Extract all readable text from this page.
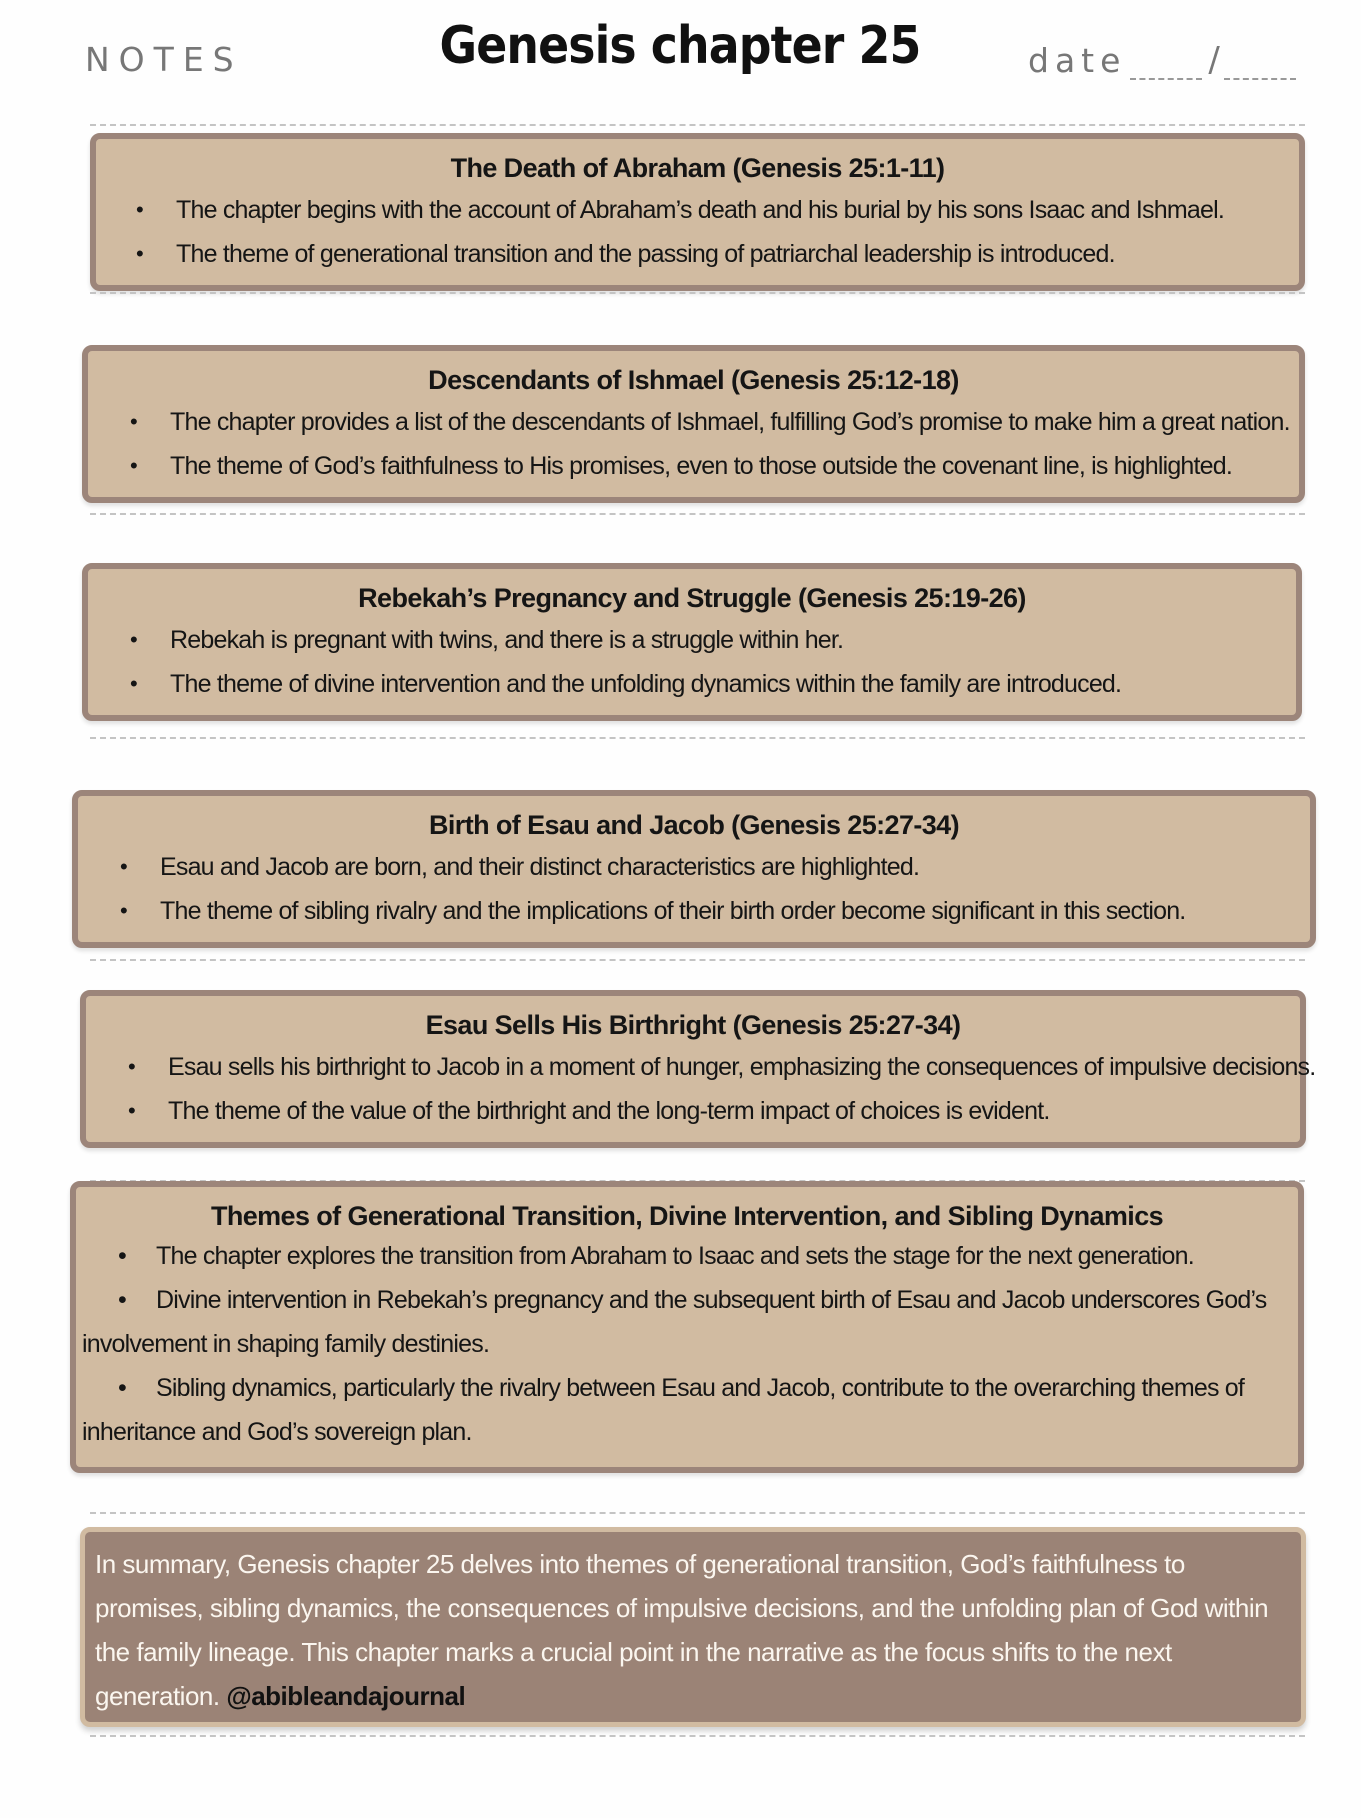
NOTES	Genesis chapter 25	date /
The Death of Abraham (Genesis 25:1-11)
• The chapter begins with the account of Abraham’s death and his burial by his sons Isaac and Ishmael.
• The theme of generational transition and the passing of patriarchal leadership is introduced.
Descendants of Ishmael (Genesis 25:12-18)
• The chapter provides a list of the descendants of Ishmael, fulfilling God’s promise to make him a great nation.
• The theme of God’s faithfulness to His promises, even to those outside the covenant line, is highlighted.
Rebekah’s Pregnancy and Struggle (Genesis 25:19-26)
• Rebekah is pregnant with twins, and there is a struggle within her.
• The theme of divine intervention and the unfolding dynamics within the family are introduced.
Birth of Esau and Jacob (Genesis 25:27-34)
• Esau and Jacob are born, and their distinct characteristics are highlighted.
• The theme of sibling rivalry and the implications of their birth order become significant in this section.
Esau Sells His Birthright (Genesis 25:27-34)
• Esau sells his birthright to Jacob in a moment of hunger, emphasizing the consequences of impulsive decisions.
• The theme of the value of the birthright and the long-term impact of choices is evident.
Themes of Generational Transition, Divine Intervention, and Sibling Dynamics

• The chapter explores the transition from Abraham to Isaac and sets the stage for the next generation.

• Divine intervention in Rebekah’s pregnancy and the subsequent birth of Esau and Jacob underscores God’s involvement in shaping family destinies.

• Sibling dynamics, particularly the rivalry between Esau and Jacob, contribute to the overarching themes of inheritance and God’s sovereign plan.

In summary, Genesis chapter 25 delves into themes of generational transition, God’s faithfulness to promises, sibling dynamics, the consequences of impulsive decisions, and the unfolding plan of God within the family lineage. This chapter marks a crucial point in the narrative as the focus shifts to the next generation. @abibleandajournal
